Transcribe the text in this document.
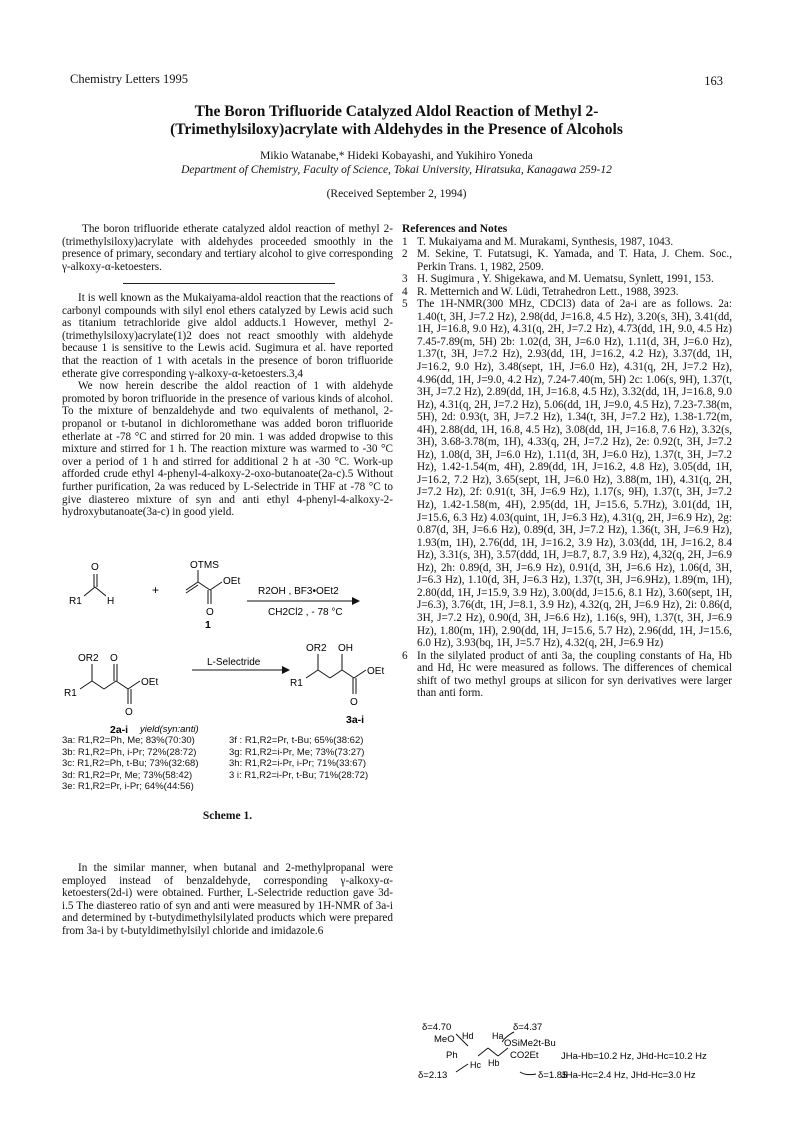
Chemistry Letters 1995	163
The Boron Trifluoride Catalyzed Aldol Reaction of Methyl 2-
(Trimethylsiloxy)acrylate with Aldehydes in the Presence of Alcohols
Mikio Watanabe,* Hideki Kobayashi, and Yukihiro Yoneda
Department of Chemistry, Faculty of Science, Tokai University, Hiratsuka, Kanagawa 259-12
(Received September 2, 1994)

The boron trifluoride etherate catalyzed aldol reaction of methyl 2-(trimethylsiloxy)acrylate with aldehydes proceeded smoothly in the presence of primary, secondary and tertiary alcohol to give corresponding γ-alkoxy-α-ketoesters.

It is well known as the Mukaiyama-aldol reaction that the reactions of carbonyl compounds with silyl enol ethers catalyzed by Lewis acid such as titanium tetrachloride give aldol adducts.1 However, methyl 2-(trimethylsiloxy)acrylate(1)2 does not react smoothly with aldehyde because 1 is sensitive to the Lewis acid. Sugimura et al. have reported that the reaction of 1 with acetals in the presence of boron trifluoride etherate give corresponding γ-alkoxy-α-ketoesters.3,4

We now herein describe the aldol reaction of 1 with aldehyde promoted by boron trifluoride in the presence of various kinds of alcohol. To the mixture of benzaldehyde and two equivalents of methanol, 2-propanol or t-butanol in dichloromethane was added boron trifluoride etherlate at -78 °C and stirred for 20 min. 1 was added dropwise to this mixture and stirred for 1 h. The reaction mixture was warmed to -30 °C over a period of 1 h and stirred for additional 2 h at -30 °C. Work-up afforded crude ethyl 4-phenyl-4-alkoxy-2-oxo-butanoate(2a-c).5 Without further purification, 2a was reduced by L-Selectride in THF at -78 °C to give diastereo mixture of syn and anti ethyl 4-phenyl-4-alkoxy-2-hydroxybutanoate(3a-c) in good yield.

O
R1	H
+
OTMS
OEt
O
1
R2OH , BF3•OEt2
CH2Cl2 , - 78 °C
OR2 O
R1
OEt
O
2a-i
L-Selectride
OR2 OH
R1
OEt
O
3a-i
yield(syn:anti)
3a: R1,R2=Ph, Me; 83%(70:30)
3b: R1,R2=Ph, i-Pr; 72%(28:72)
3c: R1,R2=Ph, t-Bu; 73%(32:68)
3d: R1,R2=Pr, Me; 73%(58:42)
3e: R1,R2=Pr, i-Pr; 64%(44:56)
3f : R1,R2=Pr, t-Bu; 65%(38:62)
3g: R1,R2=i-Pr, Me; 73%(73:27)
3h: R1,R2=i-Pr, i-Pr; 71%(33:67)
3 i: R1,R2=i-Pr, t-Bu; 71%(28:72)
Scheme 1.

In the similar manner, when butanal and 2-methylpropanal were employed instead of benzaldehyde, corresponding γ-alkoxy-α-ketoesters(2d-i) were obtained. Further, L-Selectride reduction gave 3d-i.5 The diastereo ratio of syn and anti were measured by 1H-NMR of 3a-i and determined by t-butydimethylsilylated products which were prepared from 3a-i by t-butyldimethylsilyl chloride and imidazole.6

References and Notes
1 T. Mukaiyama and M. Murakami, Synthesis, 1987, 1043.
2 M. Sekine, T. Futatsugi, K. Yamada, and T. Hata, J. Chem. Soc., Perkin Trans. 1, 1982, 2509.
3 H. Sugimura , Y. Shigekawa, and M. Uematsu, Synlett, 1991, 153.
4 R. Metternich and W. Lüdi, Tetrahedron Lett., 1988, 3923.
5 The 1H-NMR(300 MHz, CDCl3) data of 2a-i are as follows. 2a: 1.40(t, 3H, J=7.2 Hz), 2.98(dd, J=16.8, 4.5 Hz), 3.20(s, 3H), 3.41(dd, 1H, J=16.8, 9.0 Hz), 4.31(q, 2H, J=7.2 Hz), 4.73(dd, 1H, 9.0, 4.5 Hz) 7.45-7.89(m, 5H) 2b: 1.02(d, 3H, J=6.0 Hz), 1.11(d, 3H, J=6.0 Hz), 1.37(t, 3H, J=7.2 Hz), 2.93(dd, 1H, J=16.2, 4.2 Hz), 3.37(dd, 1H, J=16.2, 9.0 Hz), 3.48(sept, 1H, J=6.0 Hz), 4.31(q, 2H, J=7.2 Hz), 4.96(dd, 1H, J=9.0, 4.2 Hz), 7.24-7.40(m, 5H) 2c: 1.06(s, 9H), 1.37(t, 3H, J=7.2 Hz), 2.89(dd, 1H, J=16.8, 4.5 Hz), 3.32(dd, 1H, J=16.8, 9.0 Hz), 4.31(q, 2H, J=7.2 Hz), 5.06(dd, 1H, J=9.0, 4.5 Hz), 7.23-7.38(m, 5H), 2d: 0.93(t, 3H, J=7.2 Hz), 1.34(t, 3H, J=7.2 Hz), 1.38-1.72(m, 4H), 2.88(dd, 1H, 16.8, 4.5 Hz), 3.08(dd, 1H, J=16.8, 7.6 Hz), 3.32(s, 3H), 3.68-3.78(m, 1H), 4.33(q, 2H, J=7.2 Hz), 2e: 0.92(t, 3H, J=7.2 Hz), 1.08(d, 3H, J=6.0 Hz), 1.11(d, 3H, J=6.0 Hz), 1.37(t, 3H, J=7.2 Hz), 1.42-1.54(m, 4H), 2.89(dd, 1H, J=16.2, 4.8 Hz), 3.05(dd, 1H, J=16.2, 7.2 Hz), 3.65(sept, 1H, J=6.0 Hz), 3.88(m, 1H), 4.31(q, 2H, J=7.2 Hz), 2f: 0.91(t, 3H, J=6.9 Hz), 1.17(s, 9H), 1.37(t, 3H, J=7.2 Hz), 1.42-1.58(m, 4H), 2.95(dd, 1H, J=15.6, 5.7Hz), 3.01(dd, 1H, J=15.6, 6.3 Hz) 4.03(quint, 1H, J=6.3 Hz), 4.31(q, 2H, J=6.9 Hz), 2g: 0.87(d, 3H, J=6.6 Hz), 0.89(d, 3H, J=7.2 Hz), 1.36(t, 3H, J=6.9 Hz), 1.93(m, 1H), 2.76(dd, 1H, J=16.2, 3.9 Hz), 3.03(dd, 1H, J=16.2, 8.4 Hz), 3.31(s, 3H), 3.57(ddd, 1H, J=8.7, 8.7, 3.9 Hz), 4,32(q, 2H, J=6.9 Hz), 2h: 0.89(d, 3H, J=6.9 Hz), 0.91(d, 3H, J=6.6 Hz), 1.06(d, 3H, J=6.3 Hz), 1.10(d, 3H, J=6.3 Hz), 1.37(t, 3H, J=6.9Hz), 1.89(m, 1H), 2.80(dd, 1H, J=15.9, 3.9 Hz), 3.00(dd, J=15.6, 8.1 Hz), 3.60(sept, 1H, J=6.3), 3.76(dt, 1H, J=8.1, 3.9 Hz), 4.32(q, 2H, J=6.9 Hz), 2i: 0.86(d, 3H, J=7.2 Hz), 0.90(d, 3H, J=6.6 Hz), 1.16(s, 9H), 1.37(t, 3H, J=6.9 Hz), 1.80(m, 1H), 2.90(dd, 1H, J=15.6, 5.7 Hz), 2.96(dd, 1H, J=15.6, 6.0 Hz), 3.93(bq, 1H, J=5.7 Hz), 4.32(q, 2H, J=6.9 Hz)
6 In the silylated product of anti 3a, the coupling constants of Ha, Hb and Hd, Hc were measured as follows. The differences of chemical shift of two methyl groups at silicon for syn derivatives were larger than anti form.
δ=4.70	δ=4.37
MeO Hd Ha
OSiMe2t-Bu
Ph	CO2Et
Hc Hb
δ=2.13	δ=1.85
JHa-Hb=10.2 Hz, JHd-Hc=10.2 Hz
JHa-Hc=2.4 Hz, JHd-Hc=3.0 Hz
